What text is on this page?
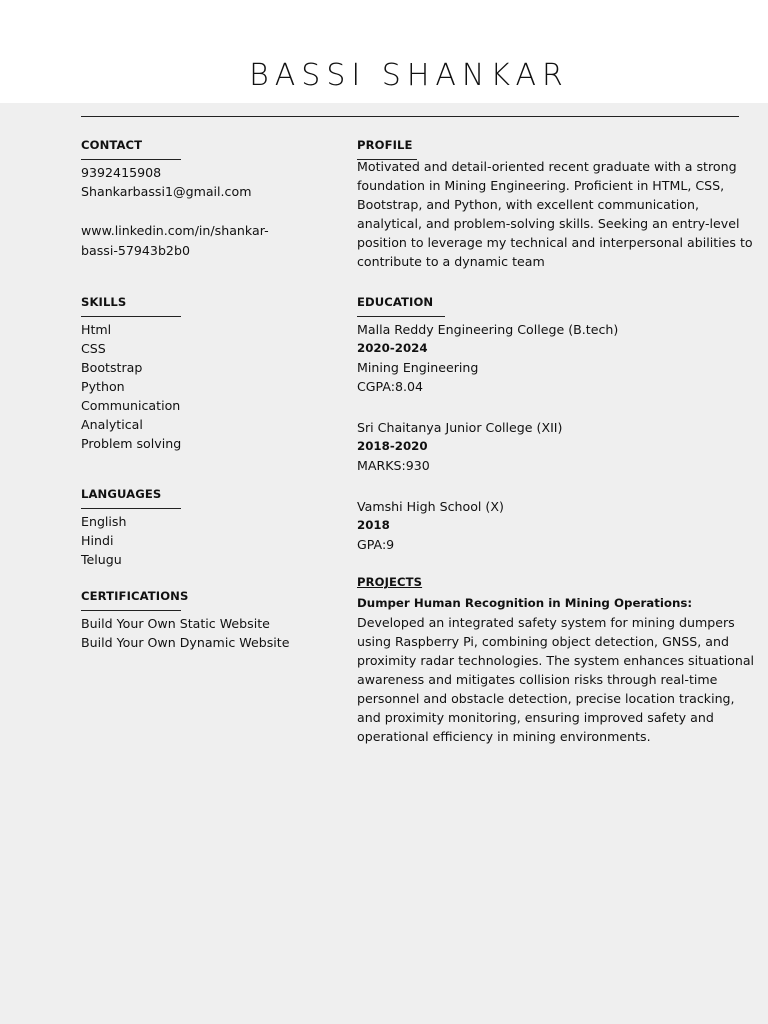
BASSI SHANKAR
CONTACT
9392415908
Shankarbassi1@gmail.com
www.linkedin.com/in/shankar-
bassi-57943b2b0
SKILLS
Html
CSS
Bootstrap
Python
Communication
Analytical
Problem solving
LANGUAGES
English
Hindi
Telugu
CERTIFICATIONS
Build Your Own Static Website
Build Your Own Dynamic Website
PROFILE
Motivated and detail-oriented recent graduate with a strong
foundation in Mining Engineering. Proficient in HTML, CSS,
Bootstrap, and Python, with excellent communication,
analytical, and problem-solving skills. Seeking an entry-level
position to leverage my technical and interpersonal abilities to
contribute to a dynamic team
EDUCATION
Malla Reddy Engineering College (B.tech)
2020-2024
Mining Engineering
CGPA:8.04
Sri Chaitanya Junior College (XII)
2018-2020
MARKS:930
Vamshi High School (X)
2018
GPA:9
PROJECTS
Dumper Human Recognition in Mining Operations:
Developed an integrated safety system for mining dumpers
using Raspberry Pi, combining object detection, GNSS, and
proximity radar technologies. The system enhances situational
awareness and mitigates collision risks through real-time
personnel and obstacle detection, precise location tracking,
and proximity monitoring, ensuring improved safety and
operational efficiency in mining environments.
